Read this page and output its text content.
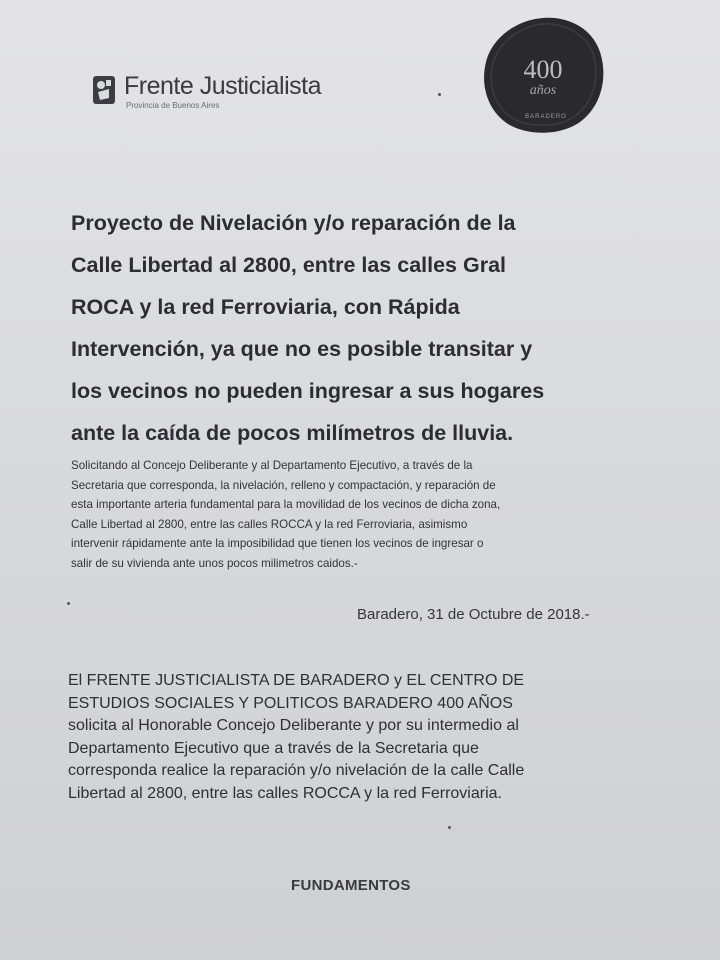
Frente Justicialista
Provincia de Buenos Aires
400
años
BARADERO
Proyecto de Nivelación y/o reparación de la
Calle Libertad al 2800, entre las calles Gral
ROCA y la red Ferroviaria, con Rápida
Intervención, ya que no es posible transitar y
los vecinos no pueden ingresar a sus hogares
ante la caída de pocos milímetros de lluvia.
Solicitando al Concejo Deliberante y al Departamento Ejecutivo, a través de la
Secretaria que corresponda, la nivelación, relleno y compactación, y reparación de
esta importante arteria fundamental para la movilidad de los vecinos de dicha zona,
Calle Libertad al 2800, entre las calles ROCCA y la red Ferroviaria, asimismo
intervenir rápidamente ante la imposibilidad que tienen los vecinos de ingresar o
salir de su vivienda ante unos pocos milimetros caidos.-
Baradero, 31 de Octubre de 2018.-
El FRENTE JUSTICIALISTA DE BARADERO y EL CENTRO DE
ESTUDIOS SOCIALES Y POLITICOS BARADERO 400 AÑOS
solicita al Honorable Concejo Deliberante y por su intermedio al
Departamento Ejecutivo que a través de la Secretaria que
corresponda realice la reparación y/o nivelación de la calle Calle
Libertad al 2800, entre las calles ROCCA y la red Ferroviaria.
FUNDAMENTOS
